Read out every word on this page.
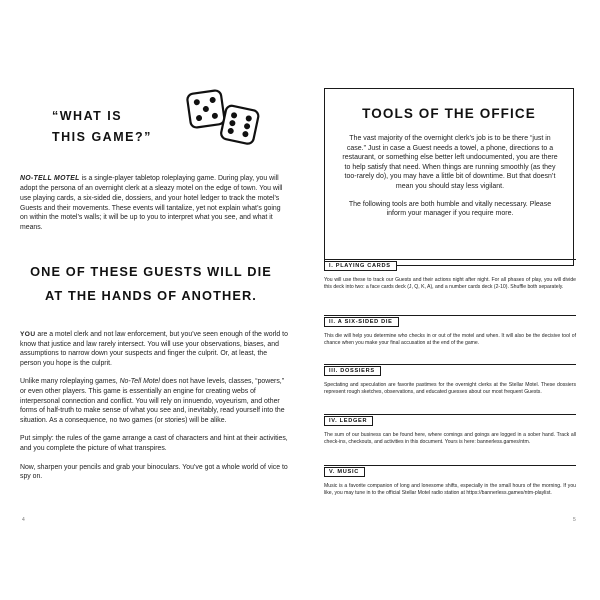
“WHAT IS
THIS GAME?”

NO-TELL MOTEL is a single-player tabletop roleplaying game. During play, you will adopt the persona of an overnight clerk at a sleazy motel on the edge of town. You will use playing cards, a six-sided die, dossiers, and your hotel ledger to track the motel’s Guests and their movements. These events will tantalize, yet not explain what’s going on within the motel’s walls; it will be up to you to interpret what you see, and what it means.

ONE OF THESE GUESTS WILL DIE
AT THE HANDS OF ANOTHER.

YOU are a motel clerk and not law enforcement, but you’ve seen enough of the world to know that justice and law rarely intersect. You will use your observations, biases, and assumptions to narrow down your suspects and finger the culprit. Or, at least, the person you hope is the culprit.

Unlike many roleplaying games, No-Tell Motel does not have levels, classes, “powers,” or even other players. This game is essentially an engine for creating webs of interpersonal connection and conflict. You will rely on innuendo, voyeurism, and other forms of half-truth to make sense of what you see and, inevitably, read yourself into the situation. As a consequence, no two games (or stories) will be alike.

Put simply: the rules of the game arrange a cast of characters and hint at their activities, and you complete the picture of what transpires.

Now, sharpen your pencils and grab your binoculars. You’ve got a whole world of vice to spy on.

4
TOOLS OF THE OFFICE

The vast majority of the overnight clerk’s job is to be there “just in case.” Just in case a Guest needs a towel, a phone, directions to a restaurant, or something else better left undocumented, you are there to help satisfy that need. When things are running smoothly (as they too-rarely do), you may have a little bit of downtime. But that doesn’t mean you should stay less vigilant.

The following tools are both humble and vitally necessary. Please inform your manager if you require more.

I. PLAYING CARDS

You will use these to track our Guests and their actions night after night. For all phases of play, you will divide this deck into two: a face cards deck (J, Q, K, A), and a number cards deck (2-10). Shuffle both separately.

II. A SIX-SIDED DIE

This die will help you determine who checks in or out of the motel and when. It will also be the decisive tool of chance when you make your final accusation at the end of the game.

III. DOSSIERS

Spectating and speculation are favorite pastimes for the overnight clerks at the Stellar Motel. These dossiers represent rough sketches, observations, and educated guesses about our most frequent Guests.

IV. LEDGER

The sum of our business can be found here, where comings and goings are logged in a sober hand. Track all check-ins, checkouts, and activities in this document. Yours is here: bannerless.games/ntm.

V. MUSIC

Music is a favorite companion of long and lonesome shifts, especially in the small hours of the morning. If you like, you may tune in to the official Stellar Motel radio station at https://bannerless.games/ntm-playlist.

5
